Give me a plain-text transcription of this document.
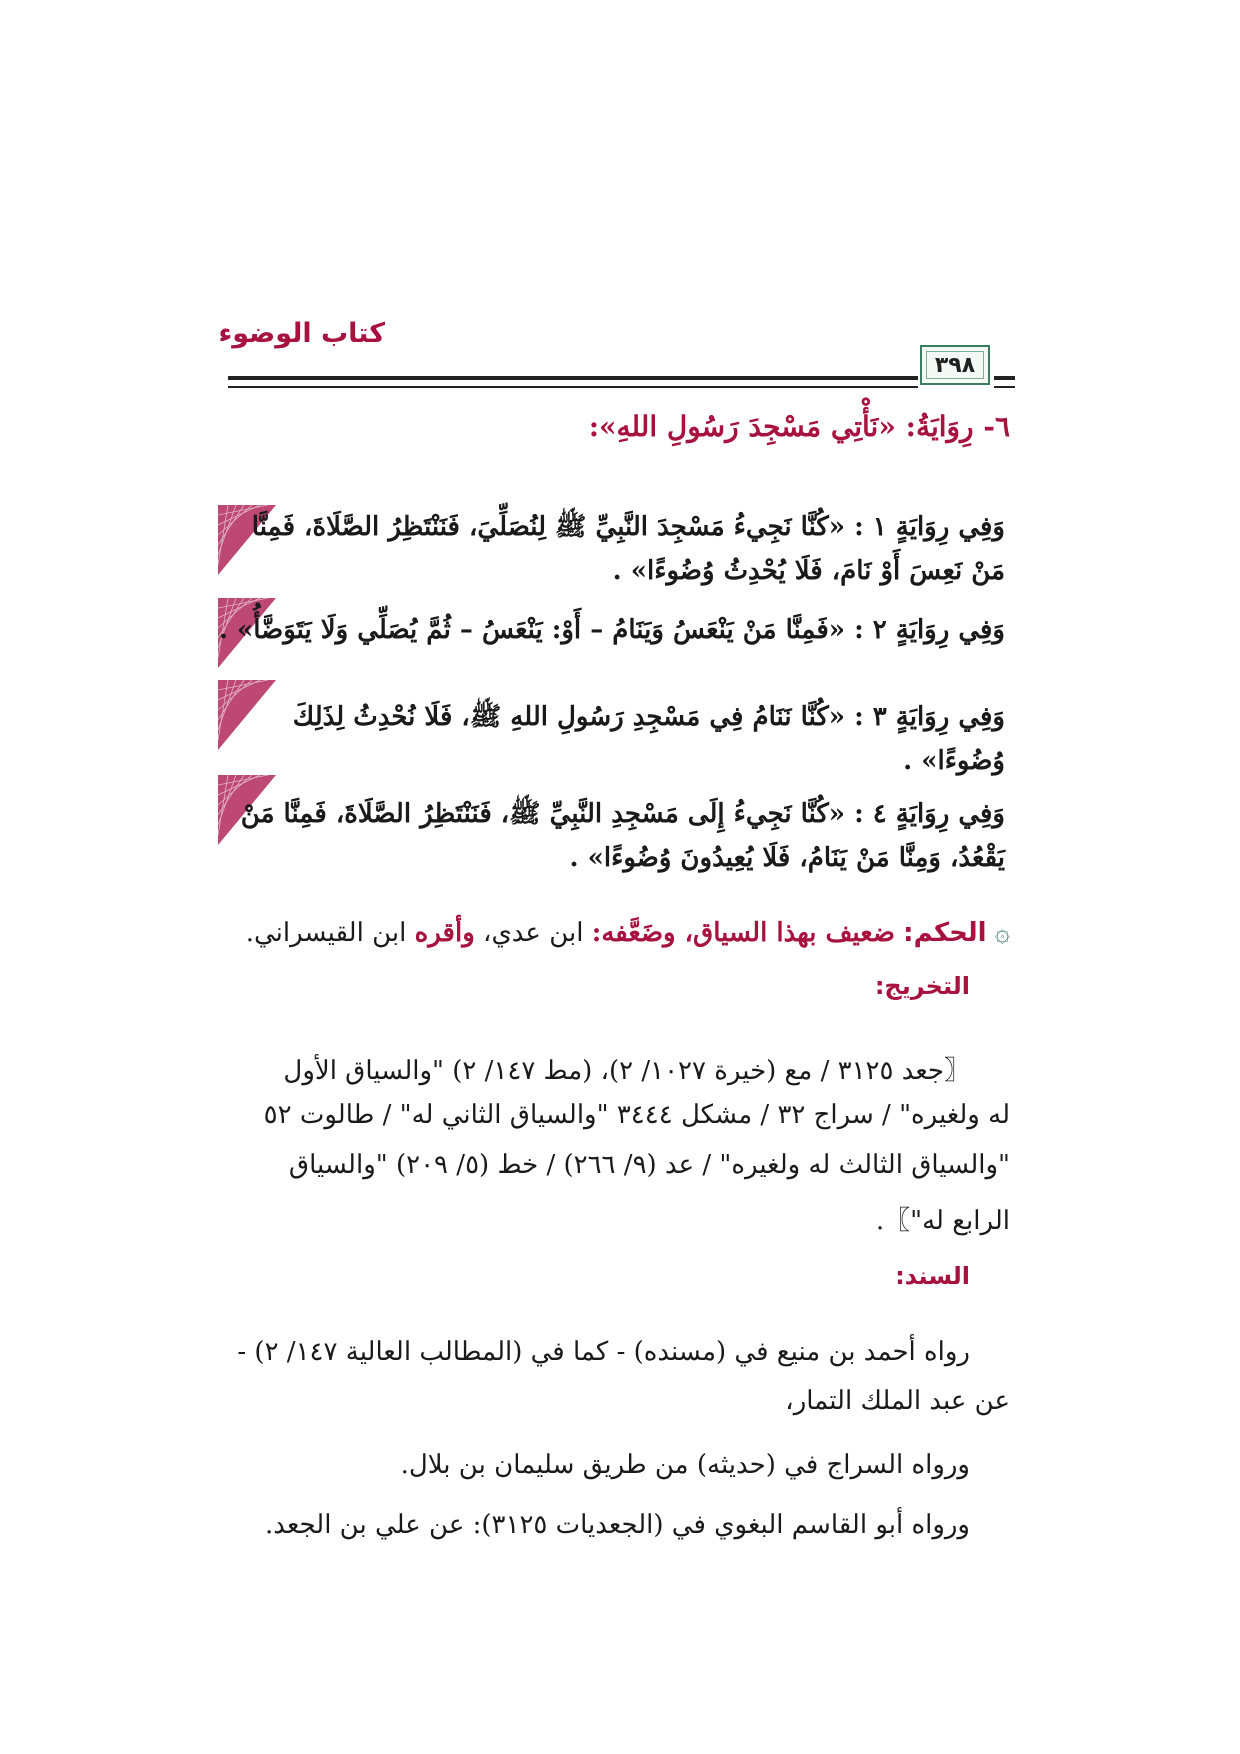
كتاب الوضوء
٣٩٨
٦- رِوَايَةُ: «نَأْتِي مَسْجِدَ رَسُولِ اللهِ»:
وَفِي رِوَايَةٍ ١ : «كُنَّا نَجِيءُ مَسْجِدَ النَّبِيِّ ﷺ لِنُصَلِّيَ، فَنَنْتَظِرُ الصَّلَاةَ، فَمِنَّا
مَنْ نَعِسَ أَوْ نَامَ، فَلَا يُحْدِثُ وُضُوءًا» .
وَفِي رِوَايَةٍ ٢ : «فَمِنَّا مَنْ يَنْعَسُ وَيَنَامُ – أَوْ: يَنْعَسُ – ثُمَّ يُصَلِّي وَلَا يَتَوَضَّأُ» .
وَفِي رِوَايَةٍ ٣ : «كُنَّا نَنَامُ فِي مَسْجِدِ رَسُولِ اللهِ ﷺ، فَلَا نُحْدِثُ لِذَلِكَ
وُضُوءًا» .
وَفِي رِوَايَةٍ ٤ : «كُنَّا نَجِيءُ إِلَى مَسْجِدِ النَّبِيِّ ﷺ، فَنَنْتَظِرُ الصَّلَاةَ، فَمِنَّا مَنْ
يَقْعُدُ، وَمِنَّا مَنْ يَنَامُ، فَلَا يُعِيدُونَ وُضُوءًا» .
۞ الحكم: ضعيف بهذا السياق، وضَعَّفه: ابن عدي، وأقره ابن القيسراني.
التخريج:
〖جعد ٣١٢٥ / مع (خيرة ١٠٢٧/ ٢)، (مط ١٤٧/ ٢) "والسياق الأول
له ولغيره" / سراج ٣٢ / مشكل ٣٤٤٤ "والسياق الثاني له" / طالوت ٥٢
"والسياق الثالث له ولغيره" / عد (٩/ ٢٦٦) / خط (٥/ ٢٠٩) "والسياق
الرابع له"〗.
السند:
رواه أحمد بن منيع في (مسنده) - كما في (المطالب العالية ١٤٧/ ٢) -
عن عبد الملك التمار،
ورواه السراج في (حديثه) من طريق سليمان بن بلال.
ورواه أبو القاسم البغوي في (الجعديات ٣١٢٥): عن علي بن الجعد.
